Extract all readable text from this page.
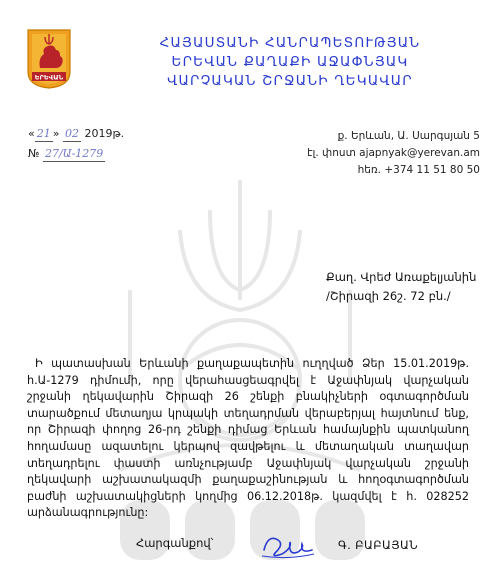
ԵՐԵՎԱՆ
ՀԱՅԱՍՏԱՆԻ ՀԱՆՐԱՊԵՏՈՒԹՅԱՆ
ԵՐԵՎԱՆ ՔԱՂԱՔԻ ԱՋԱՓՆՅԱԿ
ՎԱՐՉԱԿԱՆ ՇՐՋԱՆԻ ՂԵԿԱՎԱՐ
« 21 » 02 2019թ.
№ 27/Ա-1279
ք. Երևան, Ա. Սարգսյան 5
էլ. փոստ ajapnyak@yerevan.am
հեռ. +374 11 51 80 50
Քաղ. Վրեժ Առաքելյանին
/Շիրազի 26շ. 72 բն./
Ի պատասխան Երևանի քաղաքապետին ուղղված Ձեր 15.01.2019թ. հ.Ա-1279 դիմումի, որը վերահասցեագրվել է Աջափնյակ վարչական շրջանի ղեկավարին Շիրազի 26 շենքի բնակիչների օգտագործման տարածքում մետաղյա կրպակի տեղադրման վերաբերյալ հայտնում ենք, որ Շիրազի փողոց 26-րդ շենքի դիմաց Երևան համայնքին պատկանող հողամասը ազատելու կերպով զավթելու և մետաղական տաղավար տեղադրելու փաստի առնչությամբ Աջափնյակ վարչական շրջանի ղեկավարի աշխատակազմի քաղաքաշինության և հողօգտագործման բաժնի աշխատակիցների կողմից 06.12.2018թ. կազմվել է հ. 028252 արձանագրությունը:
Հարգանքով՝	Գ. ԲԱԲԱՅԱՆ
